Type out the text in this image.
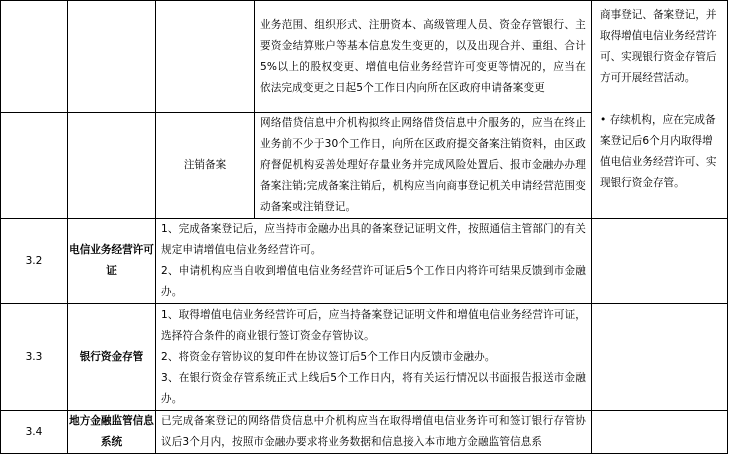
			业务范围、组织形式、注册资本、高级管理人员、资金存管银行、主要资金结算账户等基本信息发生变更的，以及出现合并、重组、合计5%以上的股权变更、增值电信业务经营许可变更等情况的，应当在依法完成变更之日起5个工作日内向所在区政府申请备案变更	商事登记、备案登记，并取得增值电信业务经营许可、实现银行资金存管后方可开展经营活动。

• 存续机构，应在完成备案登记后6个月内取得增值电信业务经营许可、实现银行资金存管。

		注销备案	网络借贷信息中介机构拟终止网络借贷信息中介服务的，应当在终止业务前不少于30个工作日，向所在区政府提交备案注销资料，由区政府督促机构妥善处理好存量业务并完成风险处置后、报市金融办办理备案注销;完成备案注销后，机构应当向商事登记机关申请经营范围变动备案或注销登记。	
3.2	电信业务经营许可证	1、完成备案登记后，应当持市金融办出具的备案登记证明文件，按照通信主管部门的有关规定申请增值电信业务经营许可。
2、申请机构应当自收到增值电信业务经营许可证后5个工作日内将许可结果反馈到市金融办。		

3.3	银行资金存管	1、取得增值电信业务经营许可后，应当持备案登记证明文件和增值电信业务经营许可证，选择符合条件的商业银行签订资金存管协议。
2、将资金存管协议的复印件在协议签订后5个工作日内反馈市金融办。
3、在银行资金存管系统正式上线后5个工作日内，将有关运行情况以书面报告报送市金融办。		

3.4	地方金融监管信息系统	已完成备案登记的网络借贷信息中介机构应当在取得增值电信业务许可和签订银行存管协议后3个月内，按照市金融办要求将业务数据和信息接入本市地方金融监管信息系		
